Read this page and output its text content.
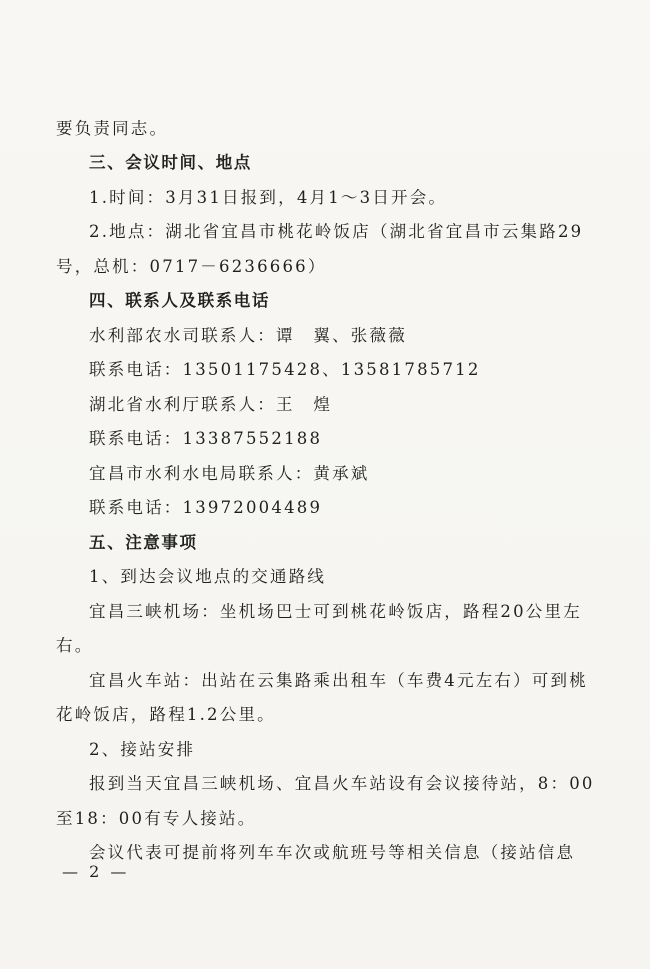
要负责同志。
三、会议时间、地点
1.时间：3月31日报到，4月1～3日开会。
2.地点：湖北省宜昌市桃花岭饭店（湖北省宜昌市云集路29
号，总机：0717－6236666）
四、联系人及联系电话
水利部农水司联系人：谭　翼、张薇薇
联系电话：13501175428、13581785712
湖北省水利厅联系人：王　煌
联系电话：13387552188
宜昌市水利水电局联系人：黄承斌
联系电话：13972004489
五、注意事项
1、到达会议地点的交通路线
宜昌三峡机场：坐机场巴士可到桃花岭饭店，路程20公里左
右。
宜昌火车站：出站在云集路乘出租车（车费4元左右）可到桃
花岭饭店，路程1.2公里。
2、接站安排
报到当天宜昌三峡机场、宜昌火车站设有会议接待站，8：00
至18：00有专人接站。
会议代表可提前将列车车次或航班号等相关信息（接站信息
— 2 —
